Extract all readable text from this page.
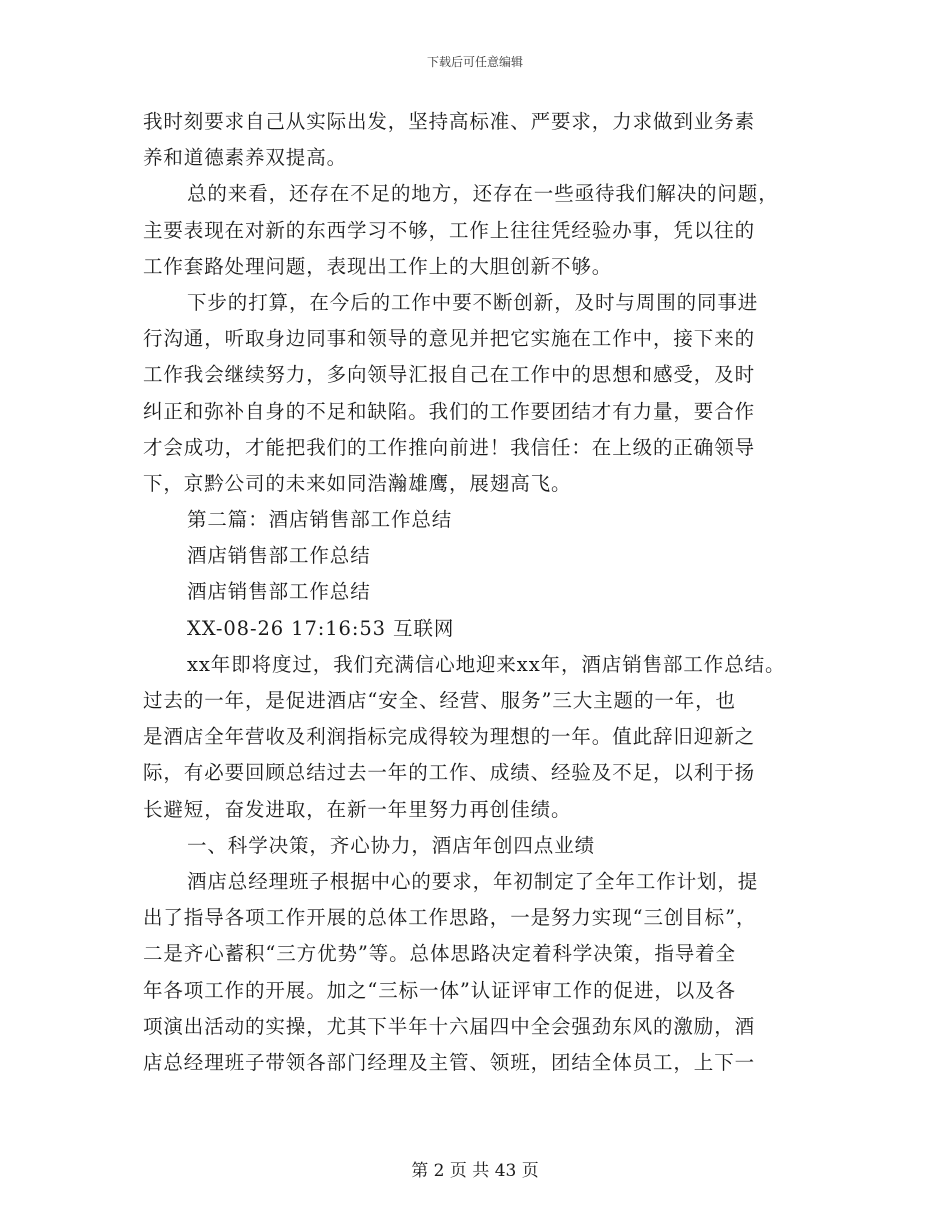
下载后可任意编辑
我时刻要求自己从实际出发，坚持高标准、严要求，力求做到业务素
养和道德素养双提高。
总的来看，还存在不足的地方，还存在一些亟待我们解决的问题，
主要表现在对新的东西学习不够，工作上往往凭经验办事，凭以往的
工作套路处理问题，表现出工作上的大胆创新不够。
下步的打算，在今后的工作中要不断创新，及时与周围的同事进
行沟通，听取身边同事和领导的意见并把它实施在工作中，接下来的
工作我会继续努力，多向领导汇报自己在工作中的思想和感受，及时
纠正和弥补自身的不足和缺陷。我们的工作要团结才有力量，要合作
才会成功，才能把我们的工作推向前进！我信任：在上级的正确领导
下，京黔公司的未来如同浩瀚雄鹰，展翅高飞。
第二篇：酒店销售部工作总结
酒店销售部工作总结
酒店销售部工作总结
XX-08-26 17:16:53 互联网
xx年即将度过，我们充满信心地迎来xx年，酒店销售部工作总结。
过去的一年，是促进酒店“安全、经营、服务”三大主题的一年，也
是酒店全年营收及利润指标完成得较为理想的一年。值此辞旧迎新之
际，有必要回顾总结过去一年的工作、成绩、经验及不足，以利于扬
长避短，奋发进取，在新一年里努力再创佳绩。
一、科学决策，齐心协力，酒店年创四点业绩
酒店总经理班子根据中心的要求，年初制定了全年工作计划，提
出了指导各项工作开展的总体工作思路，一是努力实现“三创目标”，
二是齐心蓄积“三方优势”等。总体思路决定着科学决策，指导着全
年各项工作的开展。加之“三标一体”认证评审工作的促进，以及各
项演出活动的实操，尤其下半年十六届四中全会强劲东风的激励，酒
店总经理班子带领各部门经理及主管、领班，团结全体员工，上下一
第 2 页 共 43 页
